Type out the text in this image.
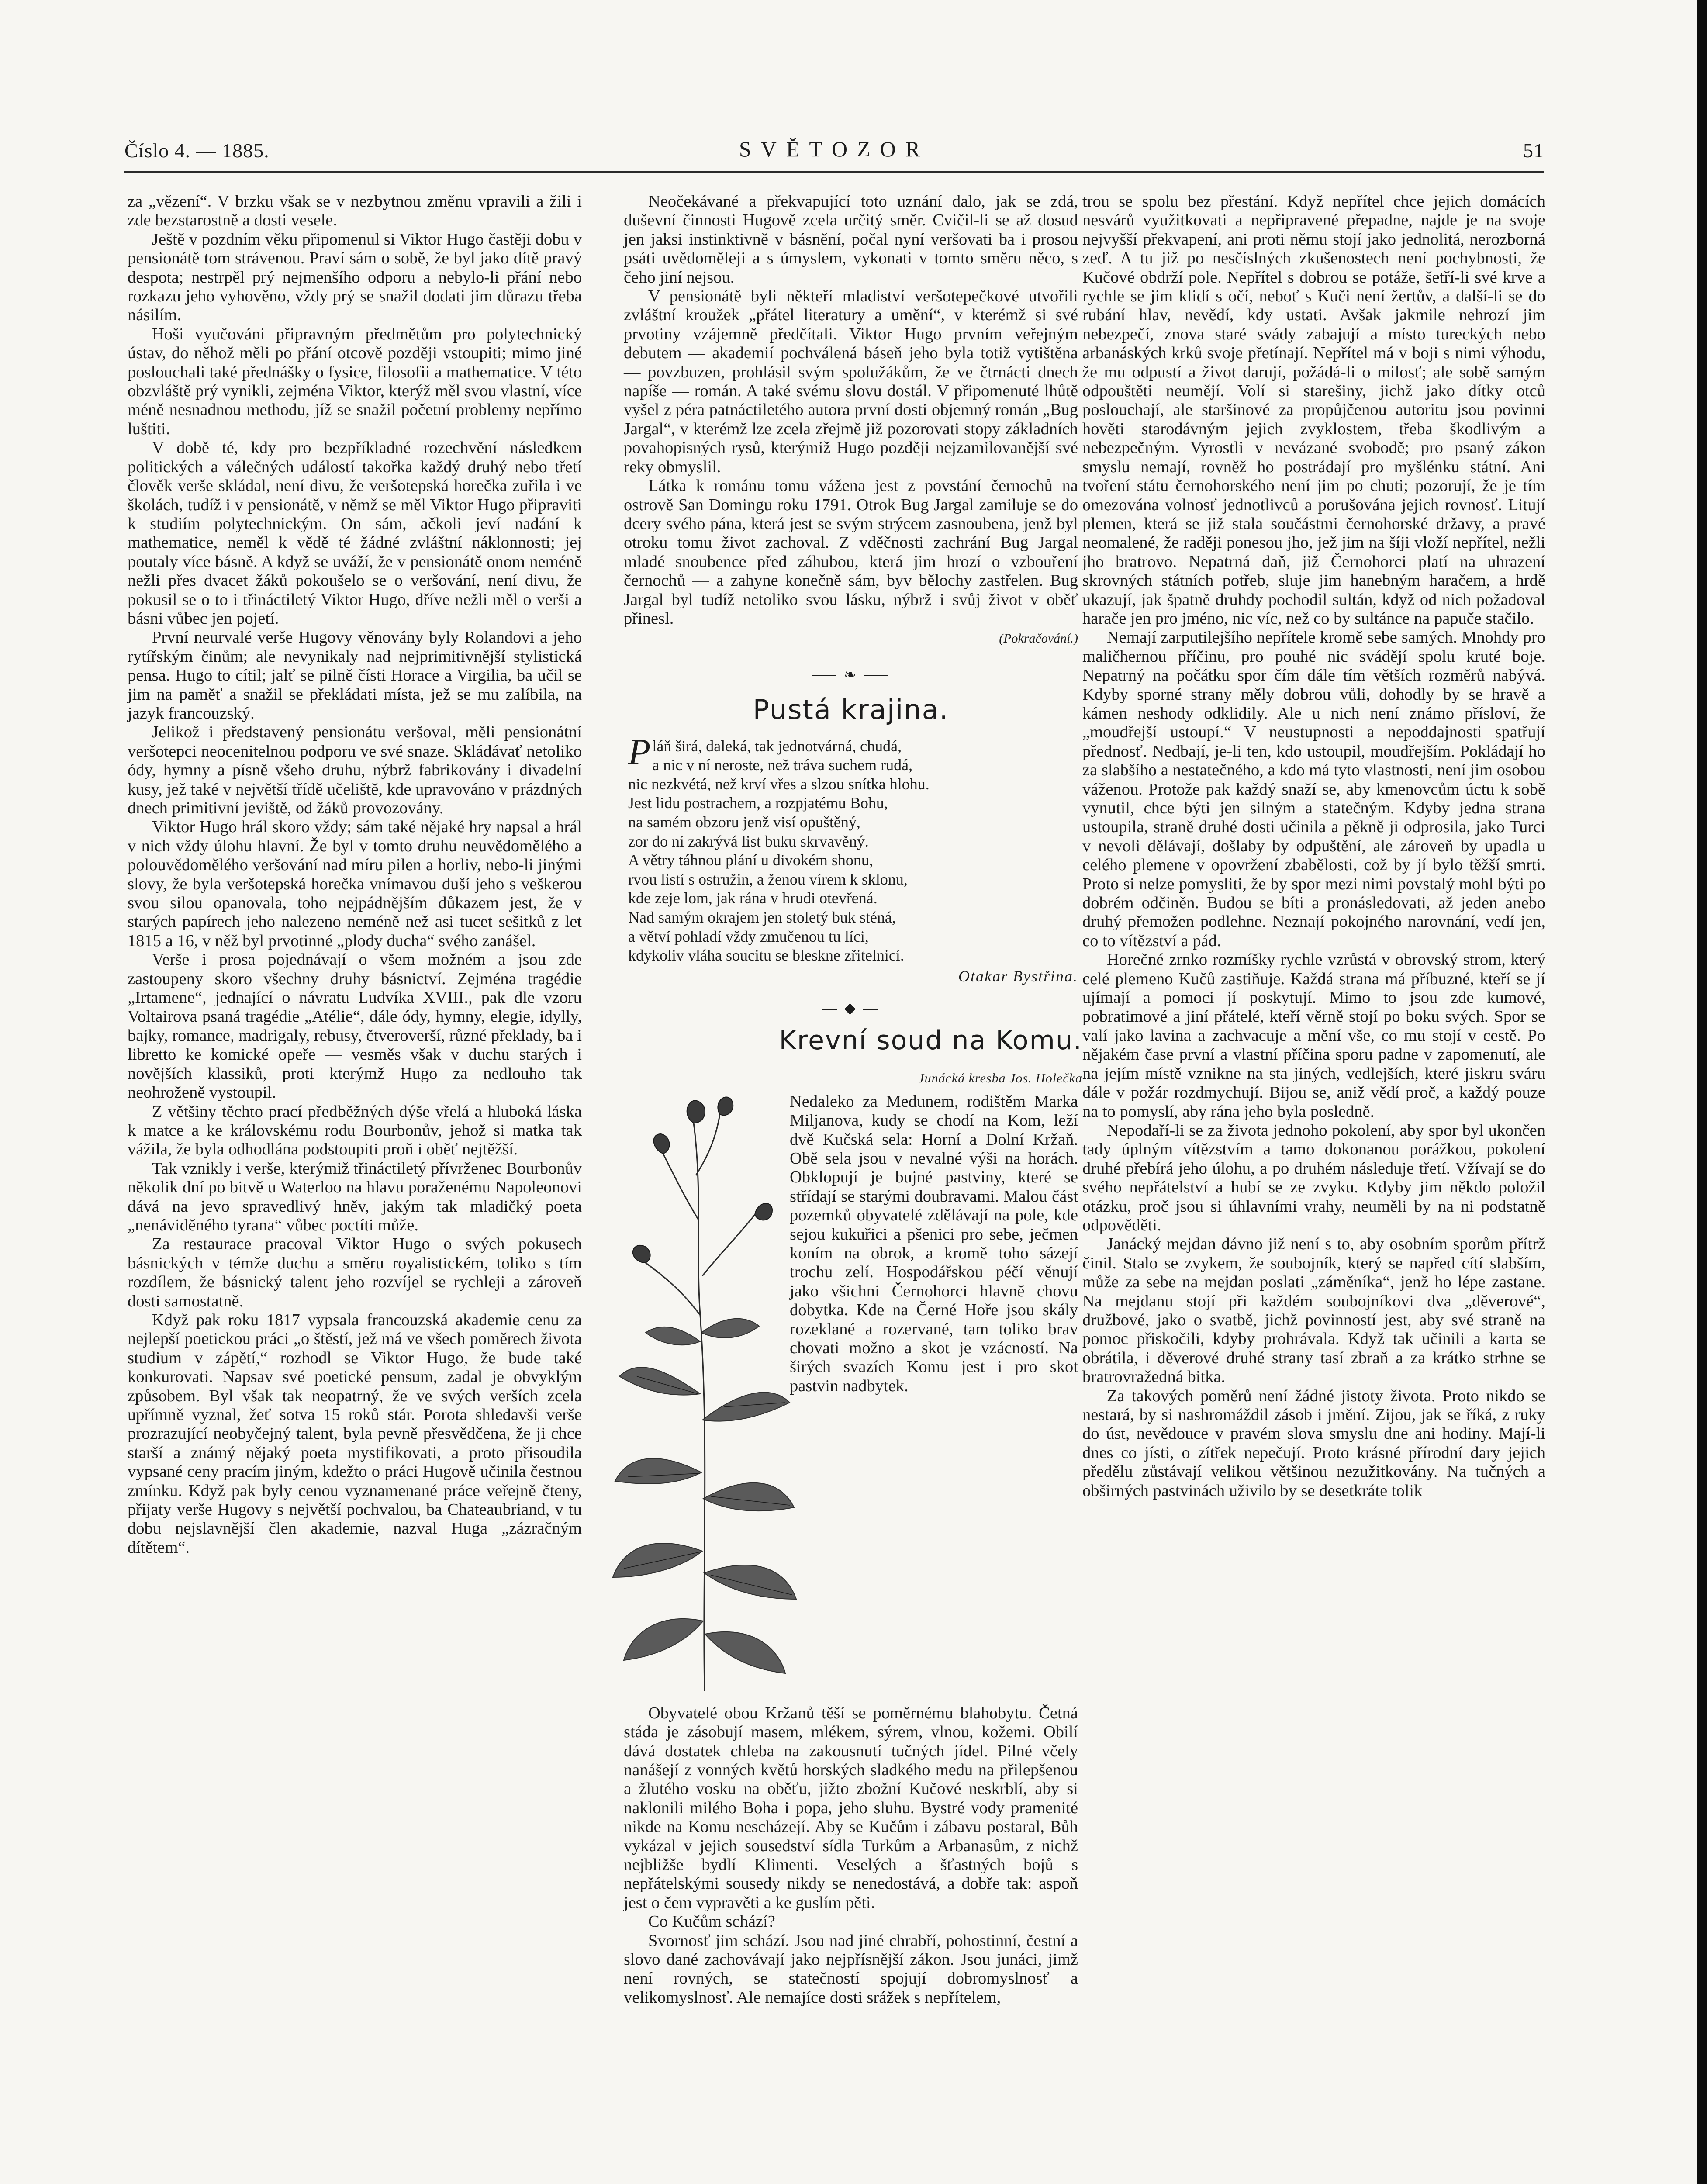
Číslo 4. — 1885.	SVĚTOZOR	51

za „vězení“. V brzku však se v nezbytnou změnu vpravili a žili i zde bezstarostně a dosti vesele.

Ještě v pozdním věku připomenul si Viktor Hugo častěji dobu v pensionátě tom strávenou. Praví sám o sobě, že byl jako dítě pravý despota; nestrpěl prý nejmenšího odporu a nebylo-li přání nebo rozkazu jeho vyhověno, vždy prý se snažil dodati jim důrazu třeba násilím.

Hoši vyučováni připravným předmětům pro polytechnický ústav, do něhož měli po přání otcově později vstoupiti; mimo jiné poslouchali také přednášky o fysice, filosofii a mathematice. V této obzvláště prý vynikli, zejména Viktor, kterýž měl svou vlastní, více méně nesnadnou methodu, jíž se snažil početní problemy nepřímo luštiti.

V době té, kdy pro bezpříkladné rozechvění následkem politických a válečných událostí takořka každý druhý nebo třetí člověk verše skládal, není divu, že veršotepská horečka zuřila i ve školách, tudíž i v pensionátě, v němž se měl Viktor Hugo připraviti k studiím polytechnickým. On sám, ačkoli jeví nadání k mathematice, neměl k vědě té žádné zvláštní náklonnosti; jej poutaly více básně. A když se uváží, že v pensionátě onom neméně nežli přes dvacet žáků pokoušelo se o veršování, není divu, že pokusil se o to i třináctiletý Viktor Hugo, dříve nežli měl o verši a básni vůbec jen pojetí.

První neurvalé verše Hugovy věnovány byly Rolandovi a jeho rytířským činům; ale nevynikaly nad nejprimitivnější stylistická pensa. Hugo to cítil; jalť se pilně čísti Horace a Virgilia, ba učil se jim na paměť a snažil se překládati místa, jež se mu zalíbila, na jazyk francouzský.

Jelikož i představený pensionátu veršoval, měli pensionátní veršotepci neocenitelnou podporu ve své snaze. Skládávať netoliko ódy, hymny a písně všeho druhu, nýbrž fabrikovány i divadelní kusy, jež také v největší třídě učeliště, kde upravováno v prázdných dnech primitivní jeviště, od žáků provozovány.

Viktor Hugo hrál skoro vždy; sám také nějaké hry napsal a hrál v nich vždy úlohu hlavní. Že byl v tomto druhu neuvědomělého a polouvědomělého veršování nad míru pilen a horliv, nebo-li jinými slovy, že byla veršotepská horečka vnímavou duší jeho s veškerou svou silou opanovala, toho nejpádnějším důkazem jest, že v starých papírech jeho nalezeno neméně než asi tucet sešitků z let 1815 a 16, v něž byl prvotinné „plody ducha“ svého zanášel.

Verše i prosa pojednávají o všem možném a jsou zde zastoupeny skoro všechny druhy básnictví. Zejména tragédie „Irtamene“, jednající o návratu Ludvíka XVIII., pak dle vzoru Voltairova psaná tragédie „Atélie“, dále ódy, hymny, elegie, idylly, bajky, romance, madrigaly, rebusy, čtveroverší, různé překlady, ba i libretto ke komické opeře — vesměs však v duchu starých i novějších klassiků, proti kterýmž Hugo za nedlouho tak neohroženě vystoupil.

Z většiny těchto prací předběžných dýše vřelá a hluboká láska k matce a ke královskému rodu Bourbonův, jehož si matka tak vážila, že byla odhodlána podstoupiti proň i oběť nejtěžší.

Tak vznikly i verše, kterýmiž třináctiletý přívrženec Bourbonův několik dní po bitvě u Waterloo na hlavu poraženému Napoleonovi dává na jevo spravedlivý hněv, jakým tak mladičký poeta „nenáviděného tyrana“ vůbec poctíti může.

Za restaurace pracoval Viktor Hugo o svých pokusech básnických v témže duchu a směru royalistickém, toliko s tím rozdílem, že básnický talent jeho rozvíjel se rychleji a zároveň dosti samostatně.

Když pak roku 1817 vypsala francouzská akademie cenu za nejlepší poetickou práci „o štěstí, jež má ve všech poměrech života studium v zápětí,“ rozhodl se Viktor Hugo, že bude také konkurovati. Napsav své poetické pensum, zadal je obvyklým způsobem. Byl však tak neopatrný, že ve svých verších zcela upřímně vyznal, žeť sotva 15 roků stár. Porota shledavši verše prozrazující neobyčejný talent, byla pevně přesvědčena, že ji chce starší a známý nějaký poeta mystifikovati, a proto přisoudila vypsané ceny pracím jiným, kdežto o práci Hugově učinila čestnou zmínku. Když pak byly cenou vyznamenané práce veřejně čteny, přijaty verše Hugovy s největší pochvalou, ba Chateaubriand, v tu dobu nejslavnější člen akademie, nazval Huga „zázračným dítětem“.

Neočekávané a překvapující toto uznání dalo, jak se zdá, duševní činnosti Hugově zcela určitý směr. Cvičil-li se až dosud jen jaksi instinktivně v básnění, počal nyní veršovati ba i prosou psáti uvědoměleji a s úmyslem, vykonati v tomto směru něco, s čeho jiní nejsou.

V pensionátě byli někteří mladiství veršotepečkové utvořili zvláštní kroužek „přátel literatury a umění“, v kterémž si své prvotiny vzájemně předčítali. Viktor Hugo prvním veřejným debutem — akademií pochválená báseň jeho byla totiž vytištěna — povzbuzen, prohlásil svým spolužákům, že ve čtrnácti dnech napíše — román. A také svému slovu dostál. V připomenuté lhůtě vyšel z péra patnáctiletého autora první dosti objemný román „Bug Jargal“, v kterémž lze zcela zřejmě již pozorovati stopy základních povahopisných rysů, kterýmiž Hugo později nejzamilovanější své reky obmyslil.

Látka k románu tomu vážena jest z povstání černochů na ostrově San Domingu roku 1791. Otrok Bug Jargal zamiluje se do dcery svého pána, která jest se svým strýcem zasnoubena, jenž byl otroku tomu život zachoval. Z vděčnosti zachrání Bug Jargal mladé snoubence před záhubou, která jim hrozí o vzbouření černochů — a zahyne konečně sám, byv bělochy zastřelen. Bug Jargal byl tudíž netoliko svou lásku, nýbrž i svůj život v oběť přinesl.

(Pokračování.)
⸺ ❧ ⸺
Pustá krajina.
Pláň širá, daleká, tak jednotvárná, chudá,
a nic v ní neroste, než tráva suchem rudá,
nic nezkvétá, než krví vřes a slzou snítka hlohu.
Jest lidu postrachem, a rozpjatému Bohu,
na samém obzoru jenž visí opuštěný,
zor do ní zakrývá list buku skrvavěný.
A větry táhnou plání u divokém shonu,
rvou listí s ostružin, a ženou vírem k sklonu,
kde zeje lom, jak rána v hrudi otevřená.
Nad samým okrajem jen stoletý buk sténá,
a větví pohladí vždy zmučenou tu líci,
kdykoliv vláha soucitu se bleskne zřitelnicí.
Otakar Bystřina.
— ◆ —
Krevní soud na Komu.
Junácká kresba Jos. Holečka

Nedaleko za Medunem, rodištěm Marka Miljanova, kudy se chodí na Kom, leží dvě Kučská sela: Horní a Dolní Kržaň. Obě sela jsou v nevalné výši na horách. Obklopují je bujné pastviny, které se střídají se starými doubravami. Malou část pozemků obyvatelé zdělávají na pole, kde sejou kukuřici a pšenici pro sebe, ječmen koním na obrok, a kromě toho sázejí trochu zelí. Hospodářskou péčí věnují jako všichni Černohorci hlavně chovu dobytka. Kde na Černé Hoře jsou skály rozeklané a rozervané, tam toliko brav chovati možno a skot je vzácností. Na širých svazích Komu jest i pro skot pastvin nadbytek.

Obyvatelé obou Kržanů těší se poměrnému blahobytu. Četná stáda je zásobují masem, mlékem, sýrem, vlnou, kožemi. Obilí dává dostatek chleba na zakousnutí tučných jídel. Pilné včely nanášejí z vonných květů horských sladkého medu na přilepšenou a žlutého vosku na oběťu, jižto zbožní Kučové neskrblí, aby si naklonili milého Boha i popa, jeho sluhu. Bystré vody pramenité nikde na Komu nescházejí. Aby se Kučům i zábavu postaral, Bůh vykázal v jejich sousedství sídla Turkům a Arbanasům, z nichž nejbližše bydlí Klimenti. Veselých a šťastných bojů s nepřátelskými sousedy nikdy se nenedostává, a dobře tak: aspoň jest o čem vypravěti a ke guslím pěti.

Co Kučům schází?

Svornosť jim schází. Jsou nad jiné chrabří, pohostinní, čestní a slovo dané zachovávají jako nejpřísnější zákon. Jsou junáci, jimž není rovných, se statečností spojují dobromyslnosť a velikomyslnosť. Ale nemajíce dosti srážek s nepřítelem,

trou se spolu bez přestání. Když nepřítel chce jejich domácích nesvárů využitkovati a nepřipravené přepadne, najde je na svoje nejvyšší překvapení, ani proti němu stojí jako jednolitá, nerozborná zeď. A tu již po nesčíslných zkušenostech není pochybnosti, že Kučové obdrží pole. Nepřítel s dobrou se potáže, šetří-li své krve a rychle se jim klidí s očí, neboť s Kuči není žertův, a další-li se do rubání hlav, nevědí, kdy ustati. Avšak jakmile nehrozí jim nebezpečí, znova staré svády zabajují a místo tureckých nebo arbanáských krků svoje přetínají. Nepřítel má v boji s nimi výhodu, že mu odpustí a život darují, požádá-li o milosť; ale sobě samým odpouštěti neumějí. Volí si starešiny, jichž jako dítky otců poslouchají, ale staršinové za propůjčenou autoritu jsou povinni hověti starodávným jejich zvyklostem, třeba škodlivým a nebezpečným. Vyrostli v nevázané svobodě; pro psaný zákon smyslu nemají, rovněž ho postrádají pro myšlénku státní. Ani tvoření státu černohorského není jim po chuti; pozorují, že je tím omezována volnosť jednotlivců a porušována jejich rovnosť. Litují plemen, která se již stala součástmi černohorské državy, a pravé neomalené, že raději ponesou jho, jež jim na šíji vloží nepřítel, nežli jho bratrovo. Nepatrná daň, již Černohorci platí na uhrazení skrovných státních potřeb, sluje jim hanebným haračem, a hrdě ukazují, jak špatně druhdy pochodil sultán, když od nich požadoval harače jen pro jméno, nic víc, než co by sultánce na papuče stačilo.

Nemají zarputilejšího nepřítele kromě sebe samých. Mnohdy pro maličhernou příčinu, pro pouhé nic svádějí spolu kruté boje. Nepatrný na počátku spor čím dále tím větších rozměrů nabývá. Kdyby sporné strany měly dobrou vůli, dohodly by se hravě a kámen neshody odklidily. Ale u nich není známo přísloví, že „moudřejší ustoupí.“ V neustupnosti a nepoddajnosti spatřují přednosť. Nedbají, je-li ten, kdo ustoupil, moudřejším. Pokládají ho za slabšího a nestatečného, a kdo má tyto vlastnosti, není jim osobou váženou. Protože pak každý snaží se, aby kmenovcům úctu k sobě vynutil, chce býti jen silným a statečným. Kdyby jedna strana ustoupila, straně druhé dosti učinila a pěkně ji odprosila, jako Turci v nevoli dělávají, došlaby by odpuštění, ale zároveň by upadla u celého plemene v opovržení zbabělosti, což by jí bylo těžší smrti. Proto si nelze pomysliti, že by spor mezi nimi povstalý mohl býti po dobrém odčiněn. Budou se bíti a pronásledovati, až jeden anebo druhý přemožen podlehne. Neznají pokojného narovnání, vedí jen, co to vítězství a pád.

Horečné zrnko rozmíšky rychle vzrůstá v obrovský strom, který celé plemeno Kučů zastiňuje. Každá strana má příbuzné, kteří se jí ujímají a pomoci jí poskytují. Mimo to jsou zde kumové, pobratimové a jiní přátelé, kteří věrně stojí po boku svých. Spor se valí jako lavina a zachvacuje a mění vše, co mu stojí v cestě. Po nějakém čase první a vlastní příčina sporu padne v zapomenutí, ale na jejím místě vznikne na sta jiných, vedlejších, které jiskru sváru dále v požár rozdmychují. Bijou se, aniž vědí proč, a každý pouze na to pomyslí, aby rána jeho byla posledně.

Nepodaří-li se za života jednoho pokolení, aby spor byl ukončen tady úplným vítězstvím a tamo dokonanou porážkou, pokolení druhé přebírá jeho úlohu, a po druhém následuje třetí. Vžívají se do svého nepřátelství a hubí se ze zvyku. Kdyby jim někdo položil otázku, proč jsou si úhlavními vrahy, neuměli by na ni podstatně odpověděti.

Janácký mejdan dávno již není s to, aby osobním sporům přítrž činil. Stalo se zvykem, že soubojník, který se napřed cítí slabším, může za sebe na mejdan poslati „záměníka“, jenž ho lépe zastane. Na mejdanu stojí při každém soubojníkovi dva „děverové“, družbové, jako o svatbě, jichž povinností jest, aby své straně na pomoc přiskočili, kdyby prohrávala. Když tak učinili a karta se obrátila, i děverové druhé strany tasí zbraň a za krátko strhne se bratrovražedná bitka.

Za takových poměrů není žádné jistoty života. Proto nikdo se nestará, by si nashromáždil zásob i jmění. Zijou, jak se říká, z ruky do úst, nevědouce v pravém slova smyslu dne ani hodiny. Mají-li dnes co jísti, o zítřek nepečují. Proto krásné přírodní dary jejich předělu zůstávají velikou většinou nezužitkovány. Na tučných a obširných pastvinách uživilo by se desetkráte tolik
